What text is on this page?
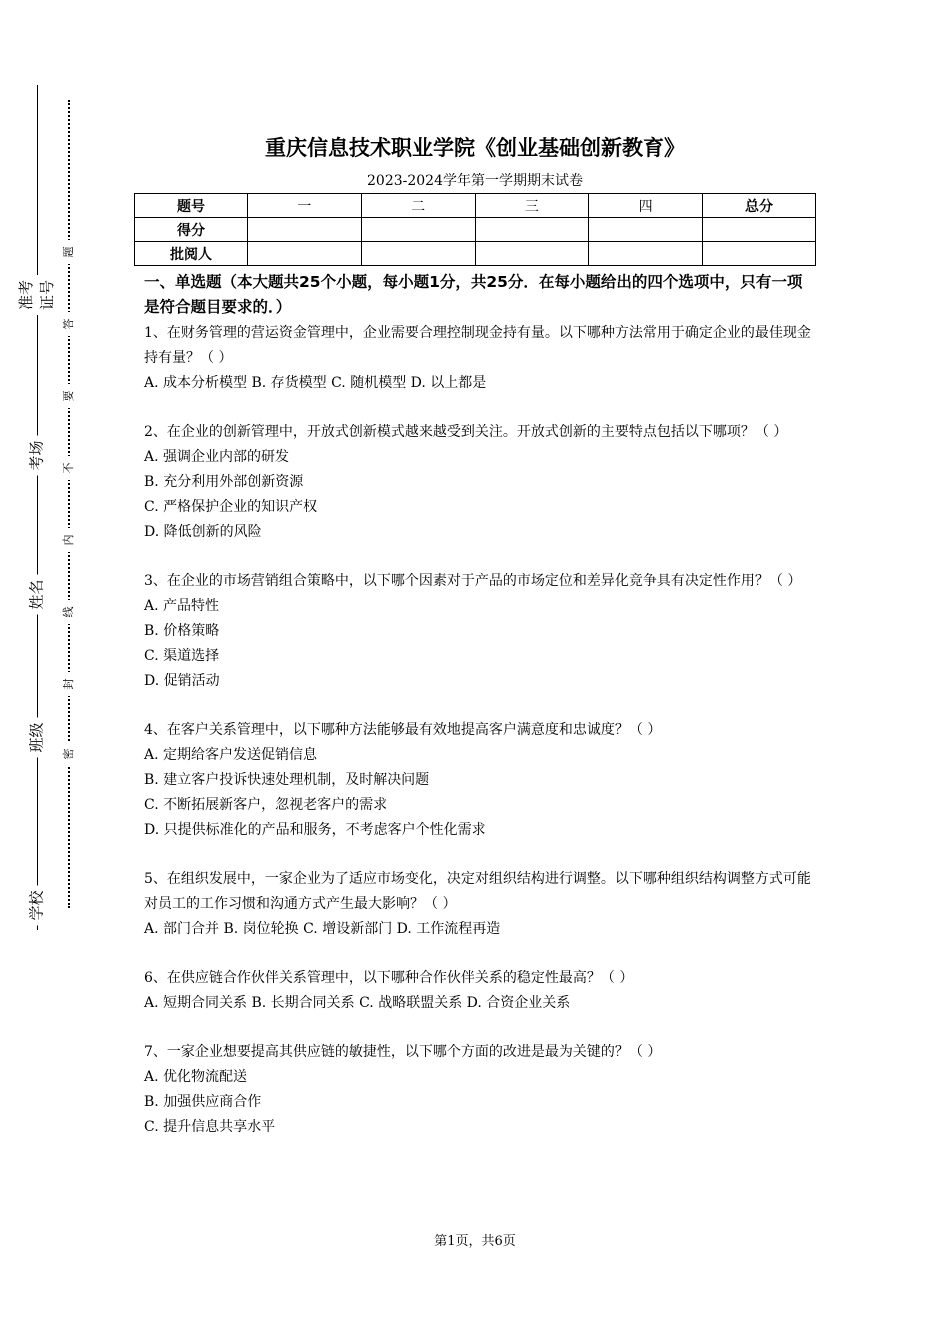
准考证号
考场
姓名
班级
学校
题
答
要
不
内
线
封
密
重庆信息技术职业学院《创业基础创新教育》
2023-2024学年第一学期期末试卷
题号	一	二	三	四	总分
得分					
批阅人					

一、单选题（本大题共25个小题，每小题1分，共25分．在每小题给出的四个选项中，只有一项是符合题目要求的．）

1、在财务管理的营运资金管理中，企业需要合理控制现金持有量。以下哪种方法常用于确定企业的最佳现金持有量？（ ）

A. 成本分析模型 B. 存货模型 C. 随机模型 D. 以上都是

2、在企业的创新管理中，开放式创新模式越来越受到关注。开放式创新的主要特点包括以下哪项？（ ）

A. 强调企业内部的研发

B. 充分利用外部创新资源

C. 严格保护企业的知识产权

D. 降低创新的风险

3、在企业的市场营销组合策略中，以下哪个因素对于产品的市场定位和差异化竞争具有决定性作用？（ ）

A. 产品特性

B. 价格策略

C. 渠道选择

D. 促销活动

4、在客户关系管理中，以下哪种方法能够最有效地提高客户满意度和忠诚度？（ ）

A. 定期给客户发送促销信息

B. 建立客户投诉快速处理机制，及时解决问题

C. 不断拓展新客户，忽视老客户的需求

D. 只提供标准化的产品和服务，不考虑客户个性化需求

5、在组织发展中，一家企业为了适应市场变化，决定对组织结构进行调整。以下哪种组织结构调整方式可能对员工的工作习惯和沟通方式产生最大影响？（ ）

A. 部门合并 B. 岗位轮换 C. 增设新部门 D. 工作流程再造

6、在供应链合作伙伴关系管理中，以下哪种合作伙伴关系的稳定性最高？（ ）

A. 短期合同关系 B. 长期合同关系 C. 战略联盟关系 D. 合资企业关系

7、一家企业想要提高其供应链的敏捷性，以下哪个方面的改进是最为关键的？（ ）

A. 优化物流配送

B. 加强供应商合作

C. 提升信息共享水平

第1页，共6页
